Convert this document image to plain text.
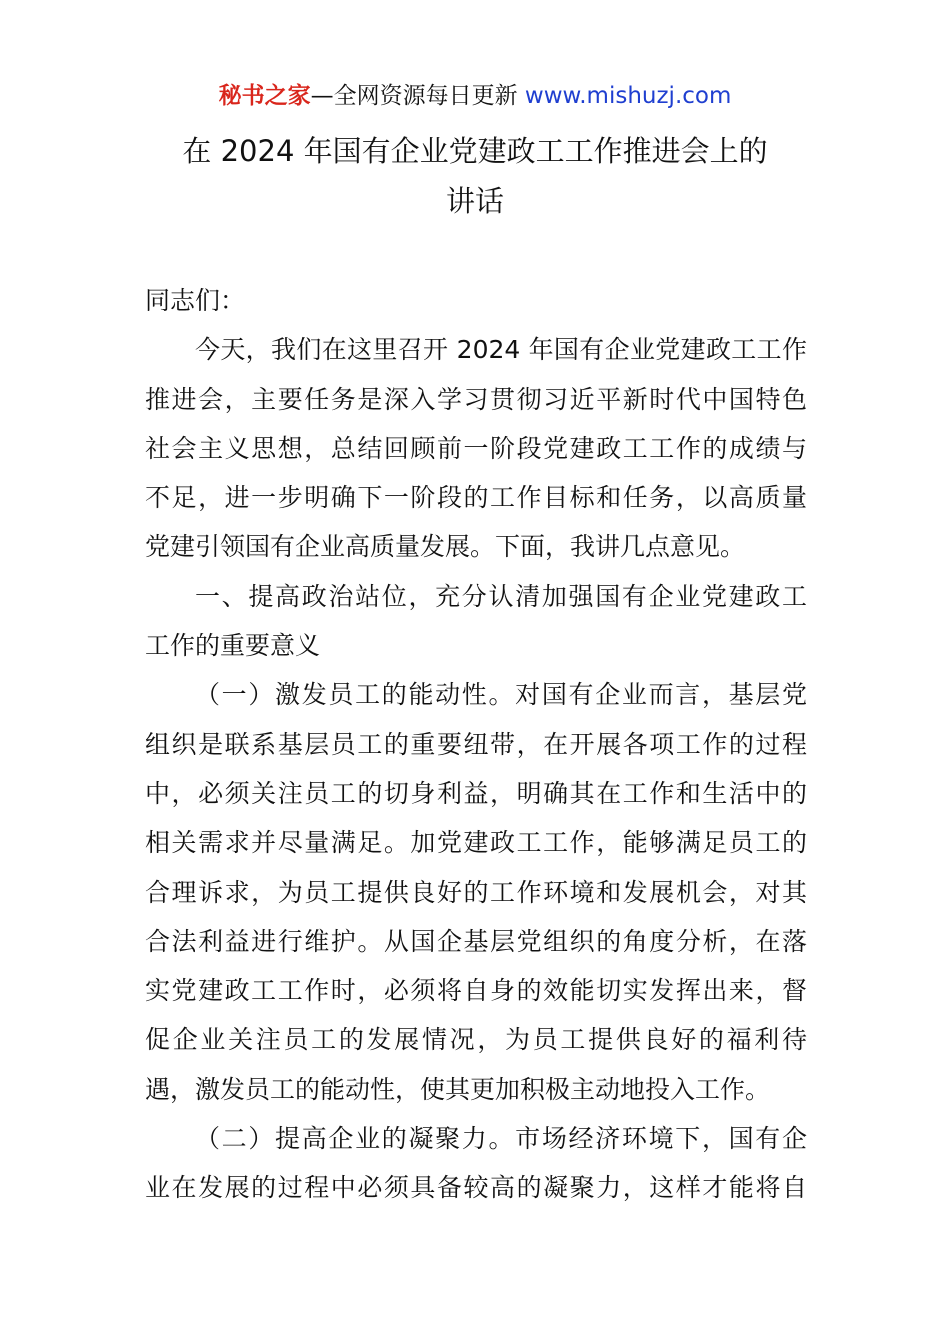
秘书之家—全网资源每日更新 www.mishuzj.com
在 2024 年国有企业党建政工工作推进会上的
讲话
同志们：
今天，我们在这里召开 2024 年国有企业党建政工工作
推进会，主要任务是深入学习贯彻习近平新时代中国特色
社会主义思想，总结回顾前一阶段党建政工工作的成绩与
不足，进一步明确下一阶段的工作目标和任务，以高质量
党建引领国有企业高质量发展。下面，我讲几点意见。
一、提高政治站位，充分认清加强国有企业党建政工
工作的重要意义
（一）激发员工的能动性。对国有企业而言，基层党
组织是联系基层员工的重要纽带，在开展各项工作的过程
中，必须关注员工的切身利益，明确其在工作和生活中的
相关需求并尽量满足。加党建政工工作，能够满足员工的
合理诉求，为员工提供良好的工作环境和发展机会，对其
合法利益进行维护。从国企基层党组织的角度分析，在落
实党建政工工作时，必须将自身的效能切实发挥出来，督
促企业关注员工的发展情况，为员工提供良好的福利待
遇，激发员工的能动性，使其更加积极主动地投入工作。
（二）提高企业的凝聚力。市场经济环境下，国有企
业在发展的过程中必须具备较高的凝聚力，这样才能将自
